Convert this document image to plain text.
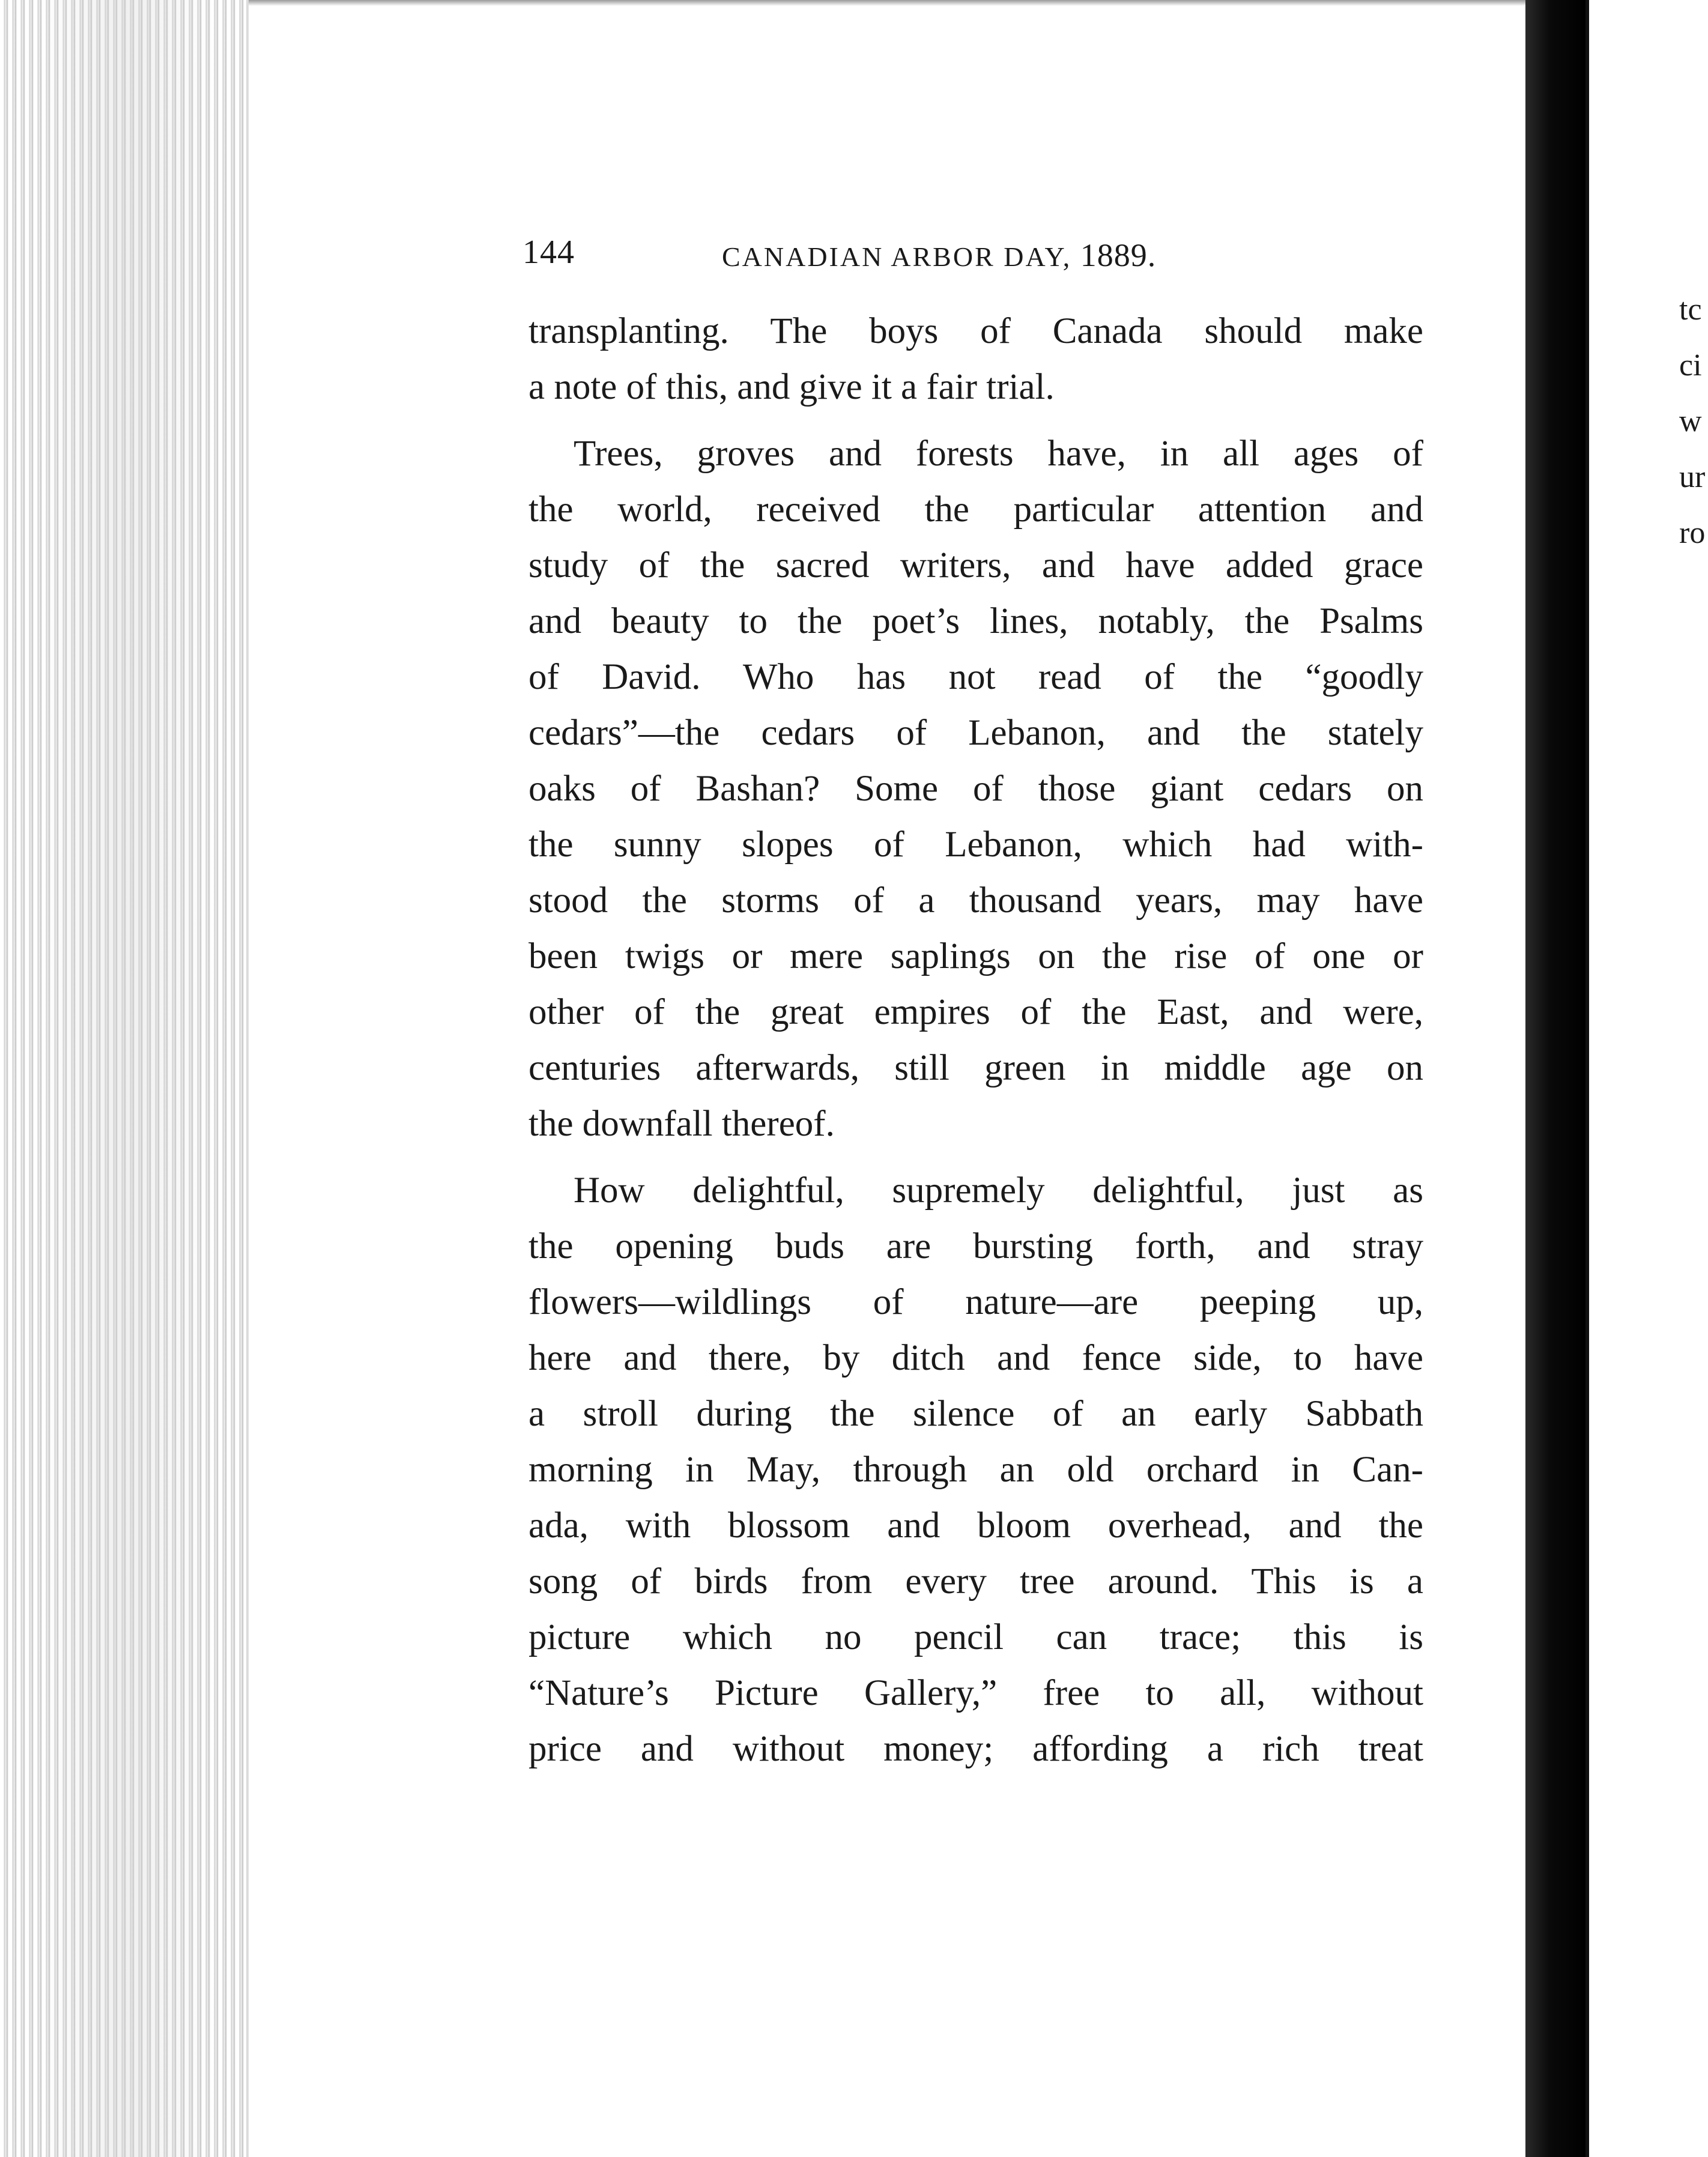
144	CANADIAN ARBOR DAY, 1889.
transplanting. The boys of Canada should make
a note of this, and give it a fair trial.
Trees, groves and forests have, in all ages of
the world, received the particular attention and
study of the sacred writers, and have added grace
and beauty to the poet’s lines, notably, the Psalms
of David. Who has not read of the “goodly
cedars”—the cedars of Lebanon, and the stately
oaks of Bashan? Some of those giant cedars on
the sunny slopes of Lebanon, which had with-
stood the storms of a thousand years, may have
been twigs or mere saplings on the rise of one or
other of the great empires of the East, and were,
centuries afterwards, still green in middle age on
the downfall thereof.
How delightful, supremely delightful, just as
the opening buds are bursting forth, and stray
flowers—wildlings of nature—are peeping up,
here and there, by ditch and fence side, to have
a stroll during the silence of an early Sabbath
morning in May, through an old orchard in Can-
ada, with blossom and bloom overhead, and the
song of birds from every tree around. This is a
picture which no pencil can trace; this is
“Nature’s Picture Gallery,” free to all, without
price and without money; affording a rich treat
tc
ci
w
ur
ro
